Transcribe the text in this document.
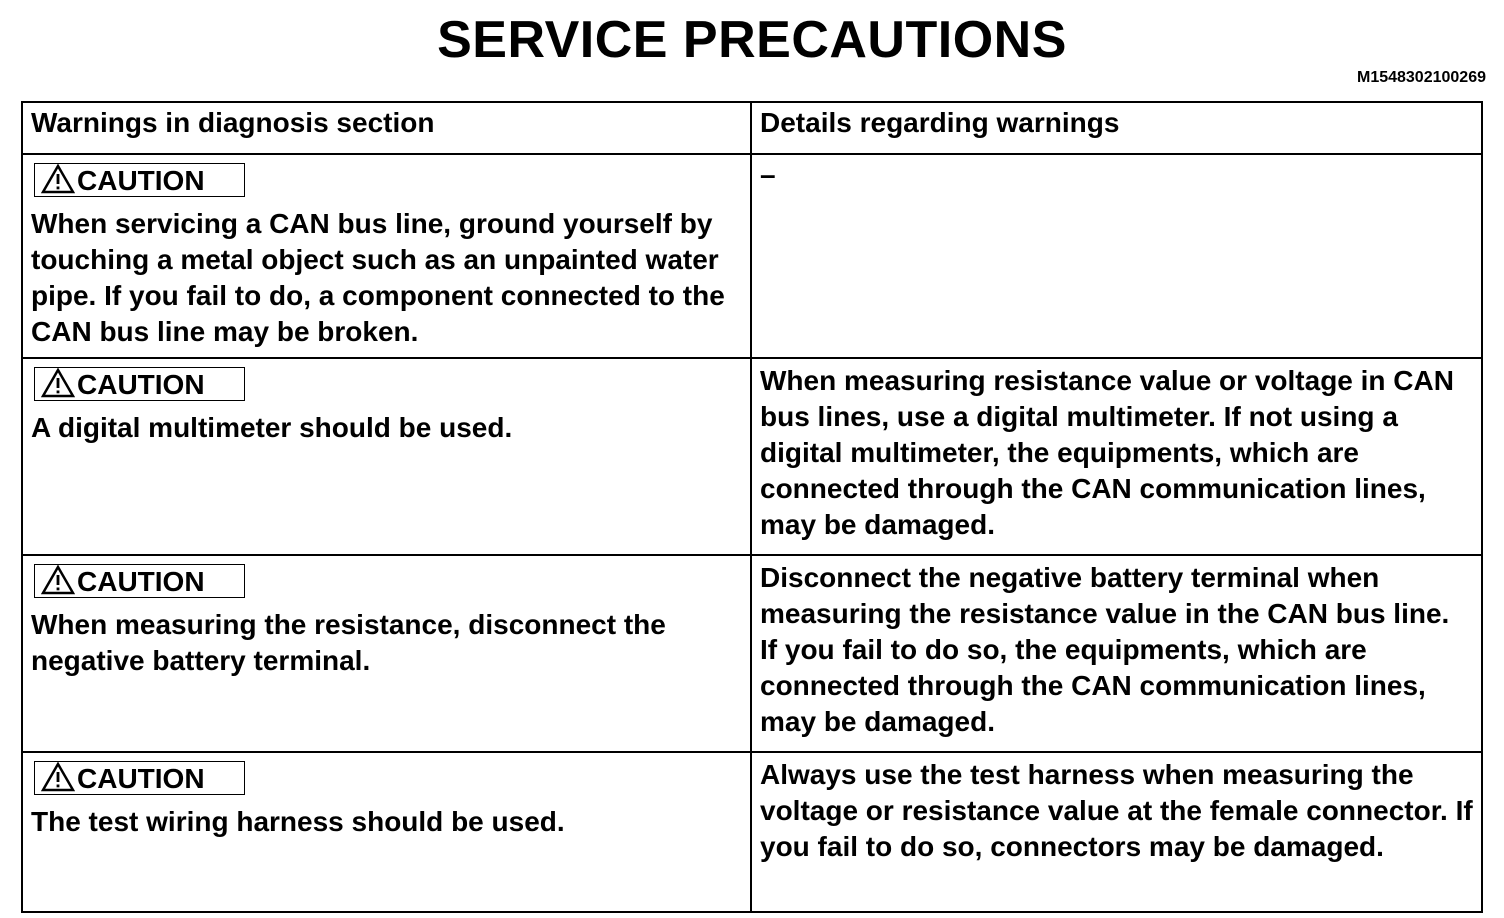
SERVICE PRECAUTIONS
M1548302100269
Warnings in diagnosis section	Details regarding warnings
CAUTION
When servicing a CAN bus line, ground yourself by touching a metal object such as an unpainted water pipe. If you fail to do, a component connected to the CAN bus line may be broken.	–

CAUTION
A digital multimeter should be used.	When measuring resistance value or voltage in CAN bus lines, use a digital multimeter. If not using a digital multimeter, the equipments, which are connected through the CAN communication lines, may be damaged.

CAUTION
When measuring the resistance, disconnect the negative battery terminal.	Disconnect the negative battery terminal when measuring the resistance value in the CAN bus line. If you fail to do so, the equipments, which are connected through the CAN communication lines, may be damaged.

CAUTION
The test wiring harness should be used.	Always use the test harness when measuring the voltage or resistance value at the female connector. If you fail to do so, connectors may be damaged.
